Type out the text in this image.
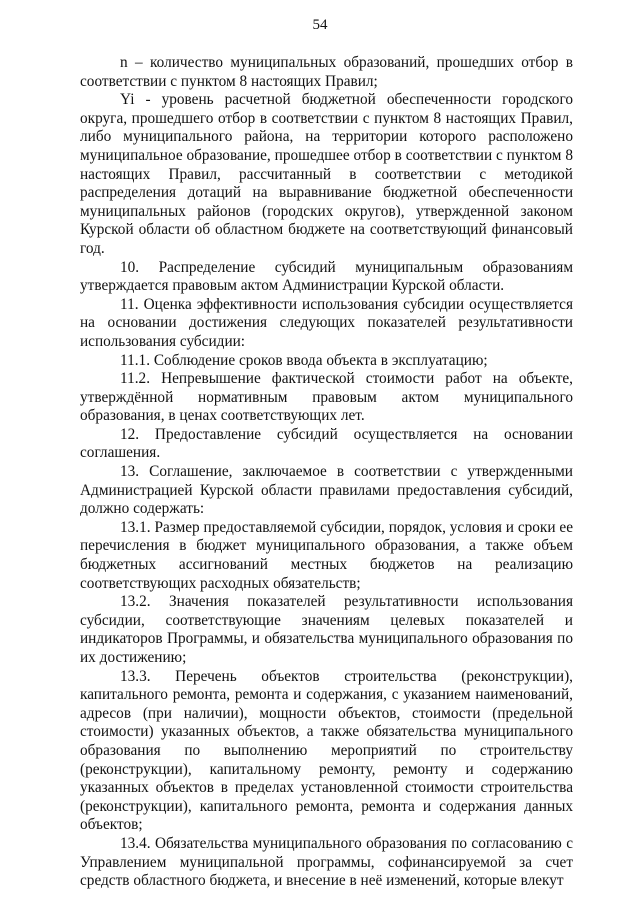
54

n – количество муниципальных образований, прошедших отбор в соответствии с пунктом 8 настоящих Правил;

Yi - уровень расчетной бюджетной обеспеченности городского округа, прошедшего отбор в соответствии с пунктом 8 настоящих Правил, либо муниципального района, на территории которого расположено муниципальное образование, прошедшее отбор в соответствии с пунктом 8 настоящих Правил, рассчитанный в соответствии с методикой распределения дотаций на выравнивание бюджетной обеспеченности муниципальных районов (городских округов), утвержденной законом Курской области об областном бюджете на соответствующий финансовый год.

10. Распределение субсидий муниципальным образованиям утверждается правовым актом Администрации Курской области.

11. Оценка эффективности использования субсидии осуществляется на основании достижения следующих показателей результативности использования субсидии:

11.1. Соблюдение сроков ввода объекта в эксплуатацию;

11.2. Непревышение фактической стоимости работ на объекте, утверждённой нормативным правовым актом муниципального образования, в ценах соответствующих лет.

12. Предоставление субсидий осуществляется на основании соглашения.

13. Соглашение, заключаемое в соответствии с утвержденными Администрацией Курской области правилами предоставления субсидий, должно содержать:

13.1. Размер предоставляемой субсидии, порядок, условия и сроки ее перечисления в бюджет муниципального образования, а также объем бюджетных ассигнований местных бюджетов на реализацию соответствующих расходных обязательств;

13.2. Значения показателей результативности использования субсидии, соответствующие значениям целевых показателей и индикаторов Программы, и обязательства муниципального образования по их достижению;

13.3. Перечень объектов строительства (реконструкции), капитального ремонта, ремонта и содержания, с указанием наименований, адресов (при наличии), мощности объектов, стоимости (предельной стоимости) указанных объектов, а также обязательства муниципального образования по выполнению мероприятий по строительству (реконструкции), капитальному ремонту, ремонту и содержанию указанных объектов в пределах установленной стоимости строительства (реконструкции), капитального ремонта, ремонта и содержания данных объектов;

13.4. Обязательства муниципального образования по согласованию с Управлением муниципальной программы, софинансируемой за счет средств областного бюджета, и внесение в неё изменений, которые влекут
